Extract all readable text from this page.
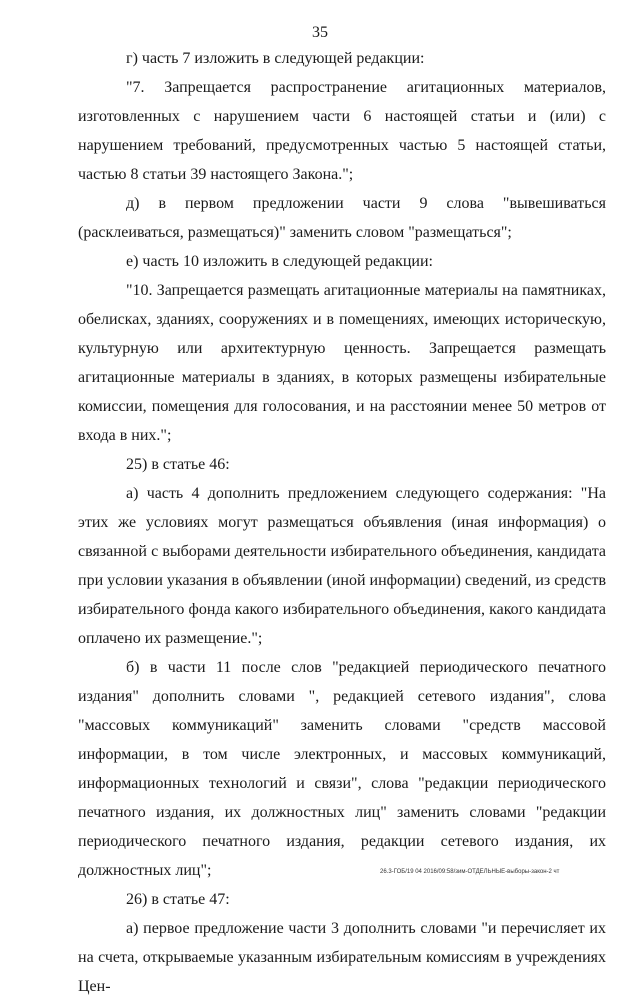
35

г) часть 7 изложить в следующей редакции:

"7. Запрещается распространение агитационных материалов, изготовленных с нарушением части 6 настоящей статьи и (или) с нарушением требований, предусмотренных частью 5 настоящей статьи, частью 8 статьи 39 настоящего Закона.";

д) в первом предложении части 9 слова "вывешиваться (расклеиваться, размещаться)" заменить словом "размещаться";

е) часть 10 изложить в следующей редакции:

"10. Запрещается размещать агитационные материалы на памятниках, обелисках, зданиях, сооружениях и в помещениях, имеющих историческую, культурную или архитектурную ценность. Запрещается размещать агитационные материалы в зданиях, в которых размещены избирательные комиссии, помещения для голосования, и на расстоянии менее 50 метров от входа в них.";

25) в статье 46:

а) часть 4 дополнить предложением следующего содержания: "На этих же условиях могут размещаться объявления (иная информация) о связанной с выборами деятельности избирательного объединения, кандидата при условии указания в объявлении (иной информации) сведений, из средств избирательного фонда какого избирательного объединения, какого кандидата оплачено их размещение.";

б) в части 11 после слов "редакцией периодического печатного издания" дополнить словами ", редакцией сетевого издания", слова "массовых коммуникаций" заменить словами "средств массовой информации, в том числе электронных, и массовых коммуникаций, информационных технологий и связи", слова "редакции периодического печатного издания, их должностных лиц" заменить словами "редакции периодического печатного издания, редакции сетевого издания, их должностных лиц";

26) в статье 47:

а) первое предложение части 3 дополнить словами "и перечисляет их на счета, открываемые указанным избирательным комиссиям в учреждениях Цен-

26.3-ГОБ/19 04 2016/09:58/зим-ОТДЕЛЬНЫЕ-выборы-закон-2 чт
